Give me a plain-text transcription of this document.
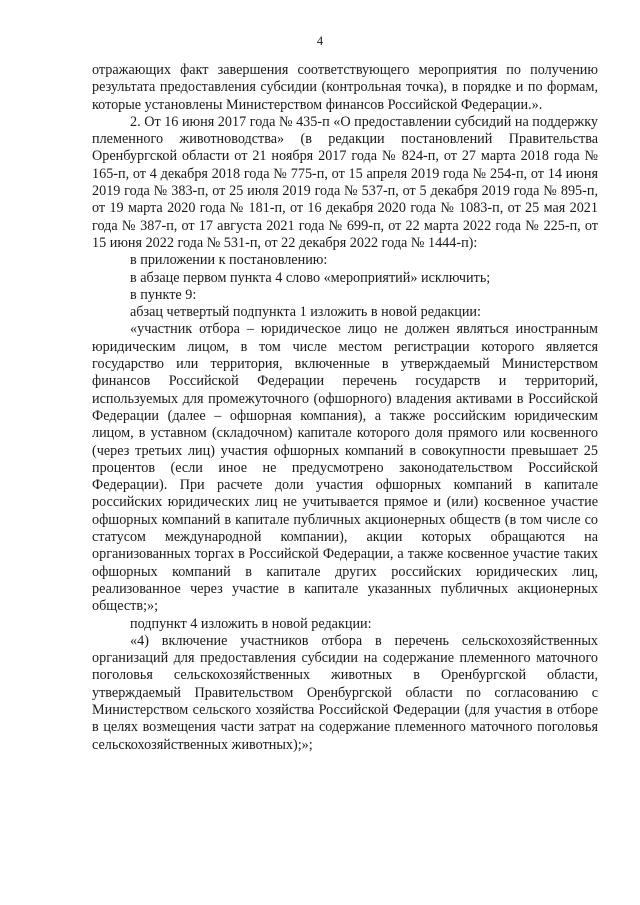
4

отражающих факт завершения соответствующего мероприятия по получению результата предоставления субсидии (контрольная точка), в порядке и по формам, которые установлены Министерством финансов Российской Федерации.».

2. От 16 июня 2017 года № 435-п «О предоставлении субсидий на поддержку племенного животноводства» (в редакции постановлений Правительства Оренбургской области от 21 ноября 2017 года № 824-п, от 27 марта 2018 года № 165-п, от 4 декабря 2018 года № 775-п, от 15 апреля 2019 года № 254-п, от 14 июня 2019 года № 383-п, от 25 июля 2019 года № 537-п, от 5 декабря 2019 года № 895-п, от 19 марта 2020 года № 181-п, от 16 декабря 2020 года № 1083-п, от 25 мая 2021 года № 387-п, от 17 августа 2021 года № 699-п, от 22 марта 2022 года № 225-п, от 15 июня 2022 года № 531-п, от 22 декабря 2022 года № 1444-п):

в приложении к постановлению:

в абзаце первом пункта 4 слово «мероприятий» исключить;

в пункте 9:

абзац четвертый подпункта 1 изложить в новой редакции:

«участник отбора – юридическое лицо не должен являться иностранным юридическим лицом, в том числе местом регистрации которого является государство или территория, включенные в утверждаемый Министерством финансов Российской Федерации перечень государств и территорий, используемых для промежуточного (офшорного) владения активами в Российской Федерации (далее – офшорная компания), а также российским юридическим лицом, в уставном (складочном) капитале которого доля прямого или косвенного (через третьих лиц) участия офшорных компаний в совокупности превышает 25 процентов (если иное не предусмотрено законодательством Российской Федерации). При расчете доли участия офшорных компаний в капитале российских юридических лиц не учитывается прямое и (или) косвенное участие офшорных компаний в капитале публичных акционерных обществ (в том числе со статусом международной компании), акции которых обращаются на организованных торгах в Российской Федерации, а также косвенное участие таких офшорных компаний в капитале других российских юридических лиц, реализованное через участие в капитале указанных публичных акционерных обществ;»;

подпункт 4 изложить в новой редакции:

«4) включение участников отбора в перечень сельскохозяйственных организаций для предоставления субсидии на содержание племенного маточного поголовья сельскохозяйственных животных в Оренбургской области, утверждаемый Правительством Оренбургской области по согласованию с Министерством сельского хозяйства Российской Федерации (для участия в отборе в целях возмещения части затрат на содержание племенного маточного поголовья сельскохозяйственных животных);»;
